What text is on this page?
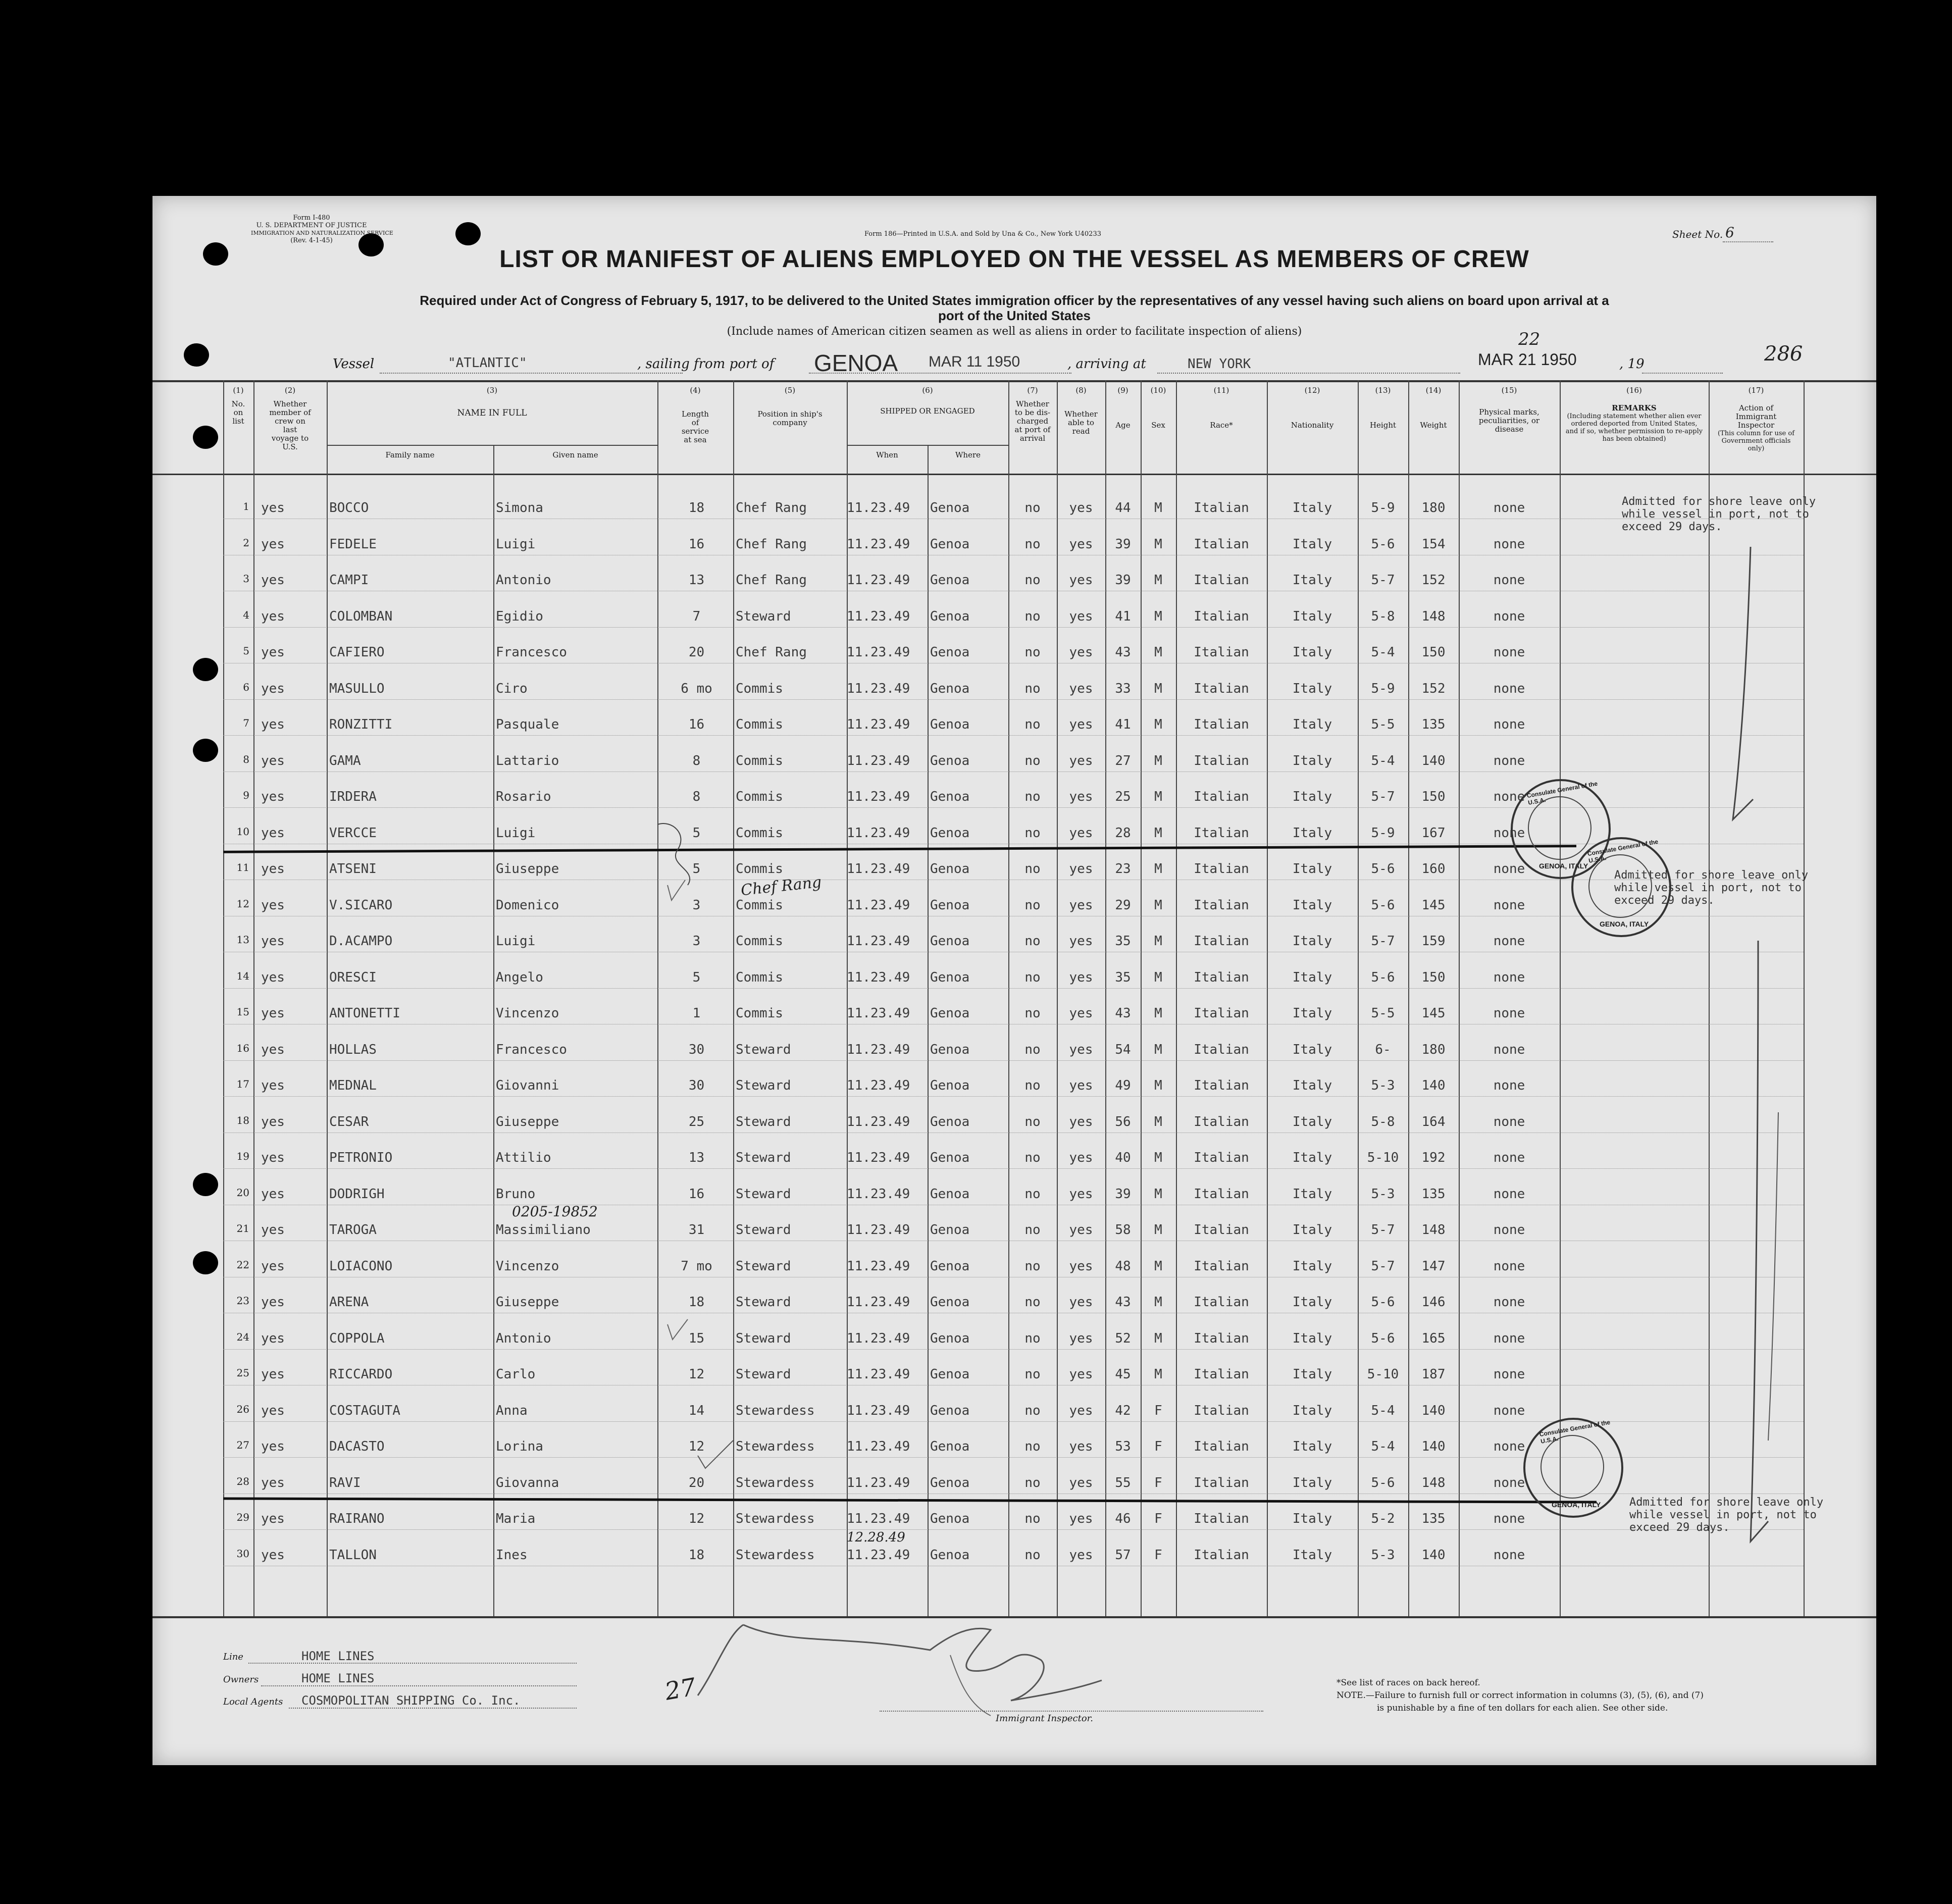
Form I-480
U. S. DEPARTMENT OF JUSTICE
IMMIGRATION AND NATURALIZATION SERVICE
(Rev. 4-1-45)
Form 186—Printed in U.S.A. and Sold by Una & Co., New York U40233	Sheet No. 6
LIST OR MANIFEST OF ALIENS EMPLOYED ON THE VESSEL AS MEMBERS OF CREW
Required under Act of Congress of February 5, 1917, to be delivered to the United States immigration officer by the representatives of any vessel having such aliens on board upon arrival at a
port of the United States
(Include names of American citizen seamen as well as aliens in order to facilitate inspection of aliens)
Vessel	"ATLANTIC"	, sailing from port of GENOA MAR 11 1950	, arriving at	NEW YORK	MAR 21 1950
22
, 19	286
(1)
No. on list
(2)
Whether member of crew on last voyage to U.S.
(3)
NAME IN FULL
Family name	Given name
(4)
Length of service at sea
(5)
Position in ship's company
(6)
SHIPPED OR ENGAGED
When	Where
(7)
Whether to be dis-charged at port of arrival
(8)
Whether able to read
(9)
Age
(10)
Sex
(11)
Race*
(12)
Nationality
(13)
Height
(14)
Weight
(15)
Physical marks, peculiarities, or disease
(16)
REMARKS
(Including statement whether alien ever ordered deported from United States, and if so, whether permission to re-apply has been obtained)
(17)
Action of Immigrant Inspector
(This column for use of Government officials only)
1 yes	BOCCO	Simona	18	Chef Rang	11.23.49	Genoa	no	yes	44	M	Italian	Italy	5-9	180	none
2 yes	FEDELE	Luigi	16	Chef Rang	11.23.49	Genoa	no	yes	39	M	Italian	Italy	5-6	154	none
3 yes	CAMPI	Antonio	13	Chef Rang	11.23.49	Genoa	no	yes	39	M	Italian	Italy	5-7	152	none
4 yes	COLOMBAN	Egidio	7	Steward	11.23.49	Genoa	no	yes	41	M	Italian	Italy	5-8	148	none
5 yes	CAFIERO	Francesco	20	Chef Rang	11.23.49	Genoa	no	yes	43	M	Italian	Italy	5-4	150	none
6 yes	MASULLO	Ciro	6 mo	Commis	11.23.49	Genoa	no	yes	33	M	Italian	Italy	5-9	152	none
7 yes	RONZITTI	Pasquale	16	Commis	11.23.49	Genoa	no	yes	41	M	Italian	Italy	5-5	135	none
8 yes	GAMA	Lattario	8	Commis	11.23.49	Genoa	no	yes	27	M	Italian	Italy	5-4	140	none
9 yes	IRDERA	Rosario	8	Commis	11.23.49	Genoa	no	yes	25	M	Italian	Italy	5-7	150	none
10 yes	VERCCE	Luigi	5	Commis	11.23.49	Genoa	no	yes	28	M	Italian	Italy	5-9	167	none
11 yes	ATSENI	Giuseppe	5	Commis	11.23.49	Genoa	no	yes	23	M	Italian	Italy	5-6	160	none
12 yes	V.SICARO	Domenico	3	Commis	11.23.49	Genoa	no	yes	29	M	Italian	Italy	5-6	145	none
13 yes	D.ACAMPO	Luigi	3	Commis	11.23.49	Genoa	no	yes	35	M	Italian	Italy	5-7	159	none
14 yes	ORESCI	Angelo	5	Commis	11.23.49	Genoa	no	yes	35	M	Italian	Italy	5-6	150	none
15 yes	ANTONETTI	Vincenzo	1	Commis	11.23.49	Genoa	no	yes	43	M	Italian	Italy	5-5	145	none
16 yes	HOLLAS	Francesco	30	Steward	11.23.49	Genoa	no	yes	54	M	Italian	Italy	6-	180	none
17 yes	MEDNAL	Giovanni	30	Steward	11.23.49	Genoa	no	yes	49	M	Italian	Italy	5-3	140	none
18 yes	CESAR	Giuseppe	25	Steward	11.23.49	Genoa	no	yes	56	M	Italian	Italy	5-8	164	none
19 yes	PETRONIO	Attilio	13	Steward	11.23.49	Genoa	no	yes	40	M	Italian	Italy	5-10	192	none
20 yes	DODRIGH	Bruno	16	Steward	11.23.49	Genoa	no	yes	39	M	Italian	Italy	5-3	135	none
21 yes	TAROGA	Massimiliano	31	Steward	11.23.49	Genoa	no	yes	58	M	Italian	Italy	5-7	148	none
22 yes	LOIACONO	Vincenzo	7 mo	Steward	11.23.49	Genoa	no	yes	48	M	Italian	Italy	5-7	147	none
23 yes	ARENA	Giuseppe	18	Steward	11.23.49	Genoa	no	yes	43	M	Italian	Italy	5-6	146	none
24 yes	COPPOLA	Antonio	15	Steward	11.23.49	Genoa	no	yes	52	M	Italian	Italy	5-6	165	none
25 yes	RICCARDO	Carlo	12	Steward	11.23.49	Genoa	no	yes	45	M	Italian	Italy	5-10	187	none
26 yes	COSTAGUTA	Anna	14	Stewardess	11.23.49	Genoa	no	yes	42	F	Italian	Italy	5-4	140	none
27 yes	DACASTO	Lorina	12	Stewardess	11.23.49	Genoa	no	yes	53	F	Italian	Italy	5-4	140	none
28 yes	RAVI	Giovanna	20	Stewardess	11.23.49	Genoa	no	yes	55	F	Italian	Italy	5-6	148	none
29 yes	RAIRANO	Maria	12	Stewardess	11.23.49	Genoa	no	yes	46	F	Italian	Italy	5-2	135	none
30 yes	TALLON	Ines	18	Stewardess	11.23.49	Genoa	no	yes	57	F	Italian	Italy	5-3	140	none
Chef Rang
0205-19852
12.28.49
Admitted for shore leave only
while vessel in port, not to
exceed 29 days.
Admitted for shore leave only
while vessel in port, not to
exceed 29 days.
Admitted for shore leave only
while vessel in port, not to
exceed 29 days.
Consulate General of the U.S.A.
GENOA, ITALY
Consulate General of the U.S.A.
GENOA, ITALY
Consulate General of the U.S.A.
GENOA, ITALY
Line	HOME LINES
Owners	HOME LINES
Local Agents COSMOPOLITAN SHIPPING Co. Inc.	27
Immigrant Inspector.
*See list of races on back hereof.
NOTE.—Failure to furnish full or correct information in columns (3), (5), (6), and (7)
is punishable by a fine of ten dollars for each alien. See other side.
